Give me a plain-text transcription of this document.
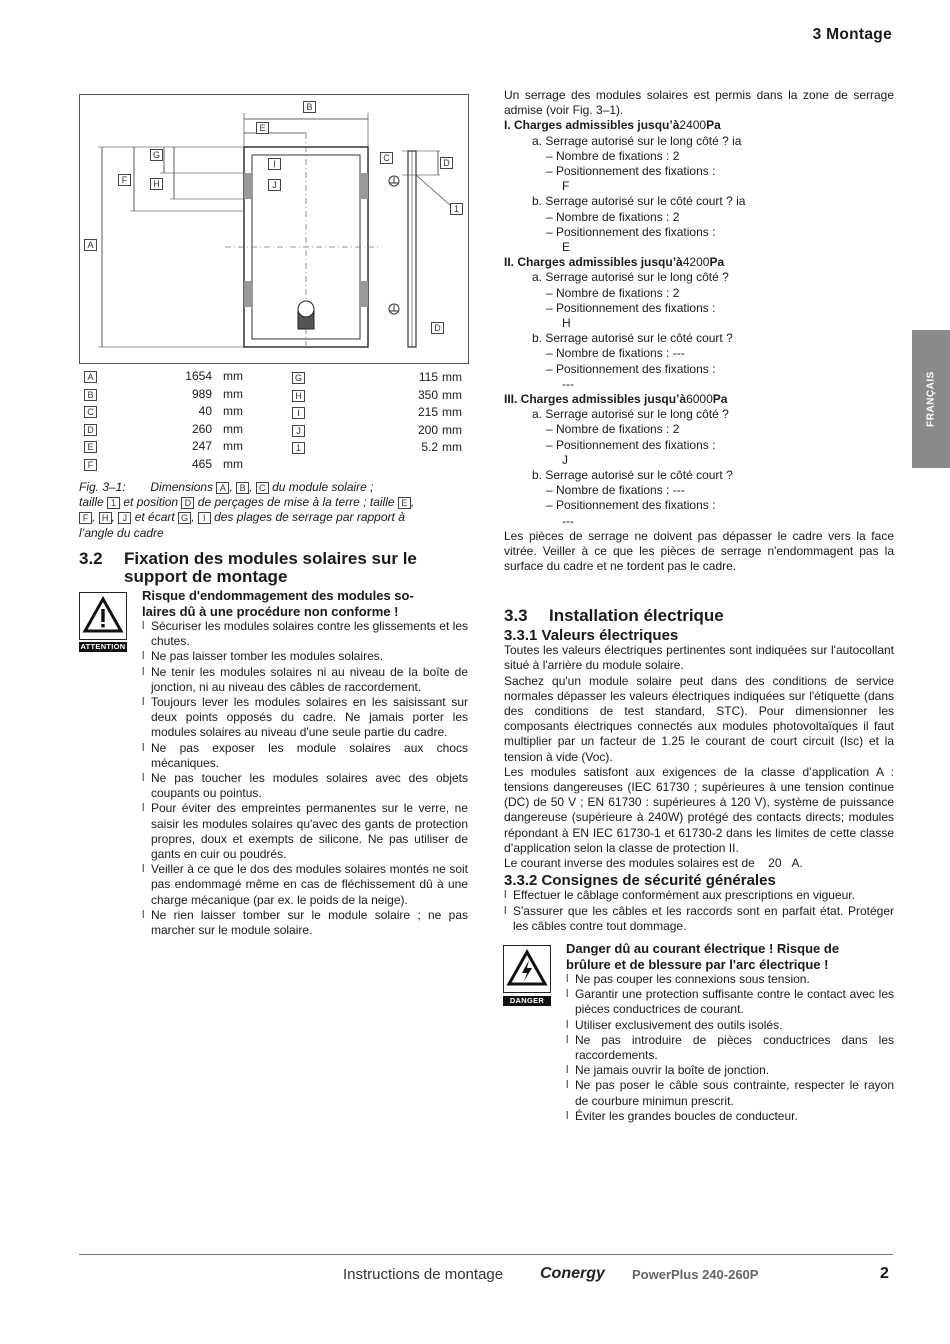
3 Montage
FRANÇAIS
B
E
G
H
F
A
I
J
C	D
1
D
A	1654 mm
B	989 mm
C	40 mm
D	260 mm
E	247 mm
F	465 mm
G	115 mm
H	350 mm
I	215 mm
J	200 mm
1	5.2 mm
Fig. 3–1: Dimensions A , B , C du module solaire ;
taille 1 et position D de perçages de mise à la terre ; taille E ,
F , H , J et écart G , I des plages de serrage par rapport à
l’angle du cadre
3.2 Fixation des modules solaires sur le
support de montage
ATTENTION
Risque d'endommagement des modules so-
laires dû à une procédure non conforme !
l Sécuriser les modules solaires contre les glissements et les chutes.
l Ne pas laisser tomber les modules solaires.
l Ne tenir les modules solaires ni au niveau de la boîte de jonction, ni au niveau des câbles de raccordement.
l Toujours lever les modules solaires en les saisissant sur deux points opposés du cadre. Ne jamais porter les modules solaires au niveau d'une seule partie du cadre.
l Ne pas exposer les module solaires aux chocs mécaniques.
l Ne pas toucher les modules solaires avec des objets coupants ou pointus.
l Pour éviter des empreintes permanentes sur le verre, ne saisir les modules solaires qu'avec des gants de protection propres, doux et exempts de silicone. Ne pas utiliser de gants en cuir ou poudrés.
l Veiller à ce que le dos des modules solaires montés ne soit pas endommagé même en cas de fléchissement dû à une charge mécanique (par ex. le poids de la neige).
l Ne rien laisser tomber sur le module solaire ; ne pas marcher sur le module solaire.
Un serrage des modules solaires est permis dans la zone de serrage admise (voir Fig. 3–1).
I. Charges admissibles jusqu’à2400Pa
a. Serrage autorisé sur le long côté ? ia
– Nombre de fixations : 2
– Positionnement des fixations :
F
b. Serrage autorisé sur le côté court ? ia
– Nombre de fixations : 2
– Positionnement des fixations :
E
II. Charges admissibles jusqu’à4200Pa
a. Serrage autorisé sur le long côté ?
– Nombre de fixations : 2
– Positionnement des fixations :
H
b. Serrage autorisé sur le côté court ?
– Nombre de fixations : ---
– Positionnement des fixations :
---
III. Charges admissibles jusqu’à6000Pa
a. Serrage autorisé sur le long côté ?
– Nombre de fixations : 2
– Positionnement des fixations :
J
b. Serrage autorisé sur le côté court ?
– Nombre de fixations : ---
– Positionnement des fixations :
---
Les pièces de serrage ne doivent pas dépasser le cadre vers la face vitrée. Veiller à ce que les pièces de serrage n'endommagent pas la surface du cadre et ne tordent pas le cadre.
3.3 Installation électrique
3.3.1 Valeurs électriques
Toutes les valeurs électriques pertinentes sont indiquées sur l'autocollant situé à l'arrière du module solaire.
Sachez qu'un module solaire peut dans des conditions de service normales dépasser les valeurs électriques indiquées sur l'étiquette (dans des conditions de test standard, STC). Pour dimensionner les composants électriques connectés aux modules photovoltaïques il faut multiplier par un facteur de 1.25 le courant de court circuit (Isc) et la tension à vide (Voc).
Les modules satisfont aux exigences de la classe d’application A : tensions dangereuses (IEC 61730 ; supérieures à une tension continue (DC) de 50 V ; EN 61730 : supérieures à 120 V), système de puissance dangereuse (supérieure à 240W) protégé des contacts directs; modules répondant à EN IEC 61730-1 et 61730-2 dans les limites de cette classe d’application selon la classe de protection II.
Le courant inverse des modules solaires est de 20 A.
3.3.2 Consignes de sécurité générales
l Effectuer le câblage conformément aux prescriptions en vigueur.
l S'assurer que les câbles et les raccords sont en parfait état. Protéger les câbles contre tout dommage.
DANGER
Danger dû au courant électrique ! Risque de
brûlure et de blessure par l'arc électrique !
l Ne pas couper les connexions sous tension.
l Garantir une protection suffisante contre le contact avec les pièces conductrices de courant.
l Utiliser exclusivement des outils isolés.
l Ne pas introduire de pièces conductrices dans les raccordements.
l Ne jamais ouvrir la boîte de jonction.
l Ne pas poser le câble sous contrainte, respecter le rayon de courbure minimun prescrit.
l Éviter les grandes boucles de conducteur.
Instructions de montage Conergy PowerPlus 240-260P	2
